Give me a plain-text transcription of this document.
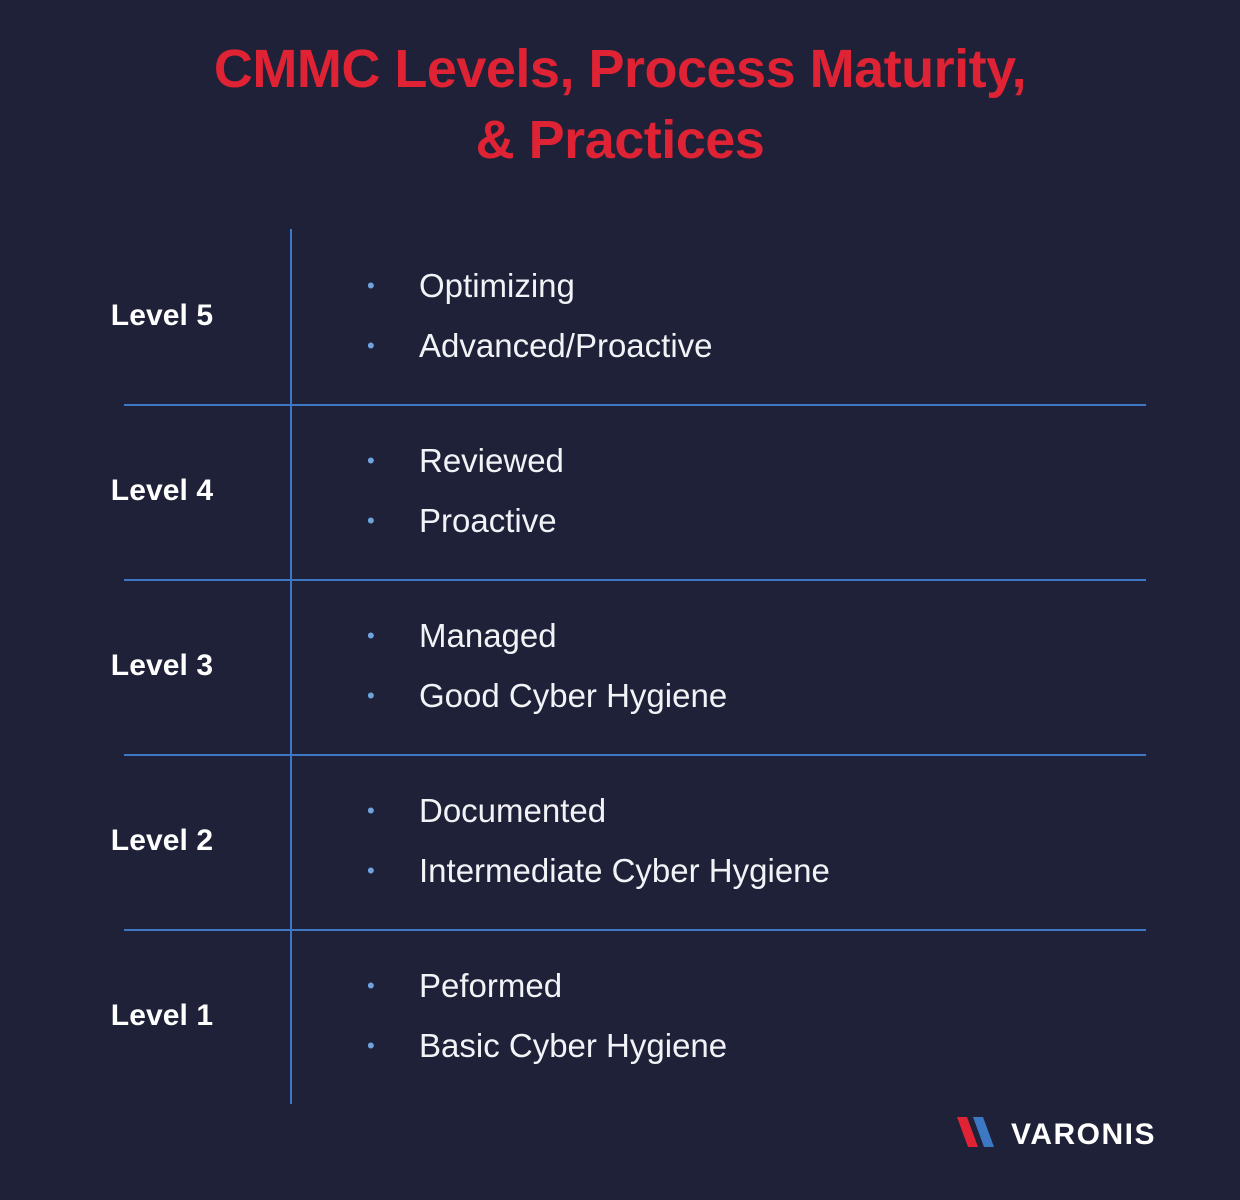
CMMC Levels, Process Maturity,
& Practices
Level 5
•	Optimizing
•	Advanced/Proactive
Level 4
•	Reviewed
•	Proactive
Level 3
•	Managed
•	Good Cyber Hygiene
Level 2
•	Documented
•	Intermediate Cyber Hygiene
Level 1
•	Peformed
•	Basic Cyber Hygiene
VARONIS
